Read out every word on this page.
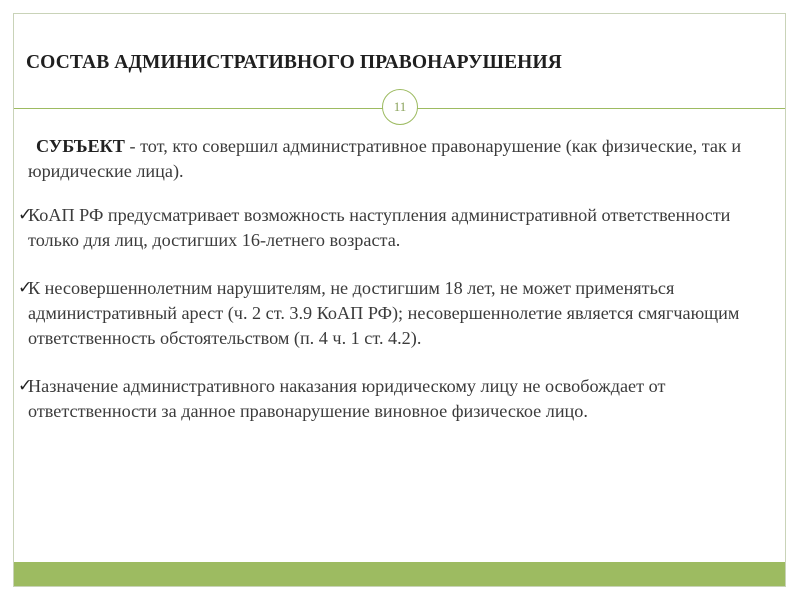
СОСТАВ АДМИНИСТРАТИВНОГО ПРАВОНАРУШЕНИЯ
11

СУБЪЕКТ - тот, кто совершил административное правонарушение (как физические, так и юридические лица).

✓
КоАП РФ предусматривает возможность наступления административной ответственности только для лиц, достигших 16-летнего возраста.

✓
К несовершеннолетним нарушителям, не достигшим 18 лет, не может применяться административный арест (ч. 2 ст. 3.9 КоАП РФ); несовершеннолетие является смягчающим ответственность обстоятельством (п. 4 ч. 1 ст. 4.2).

✓
Назначение административного наказания юридическому лицу не освобождает от ответственности за данное правонарушение виновное физическое лицо.
